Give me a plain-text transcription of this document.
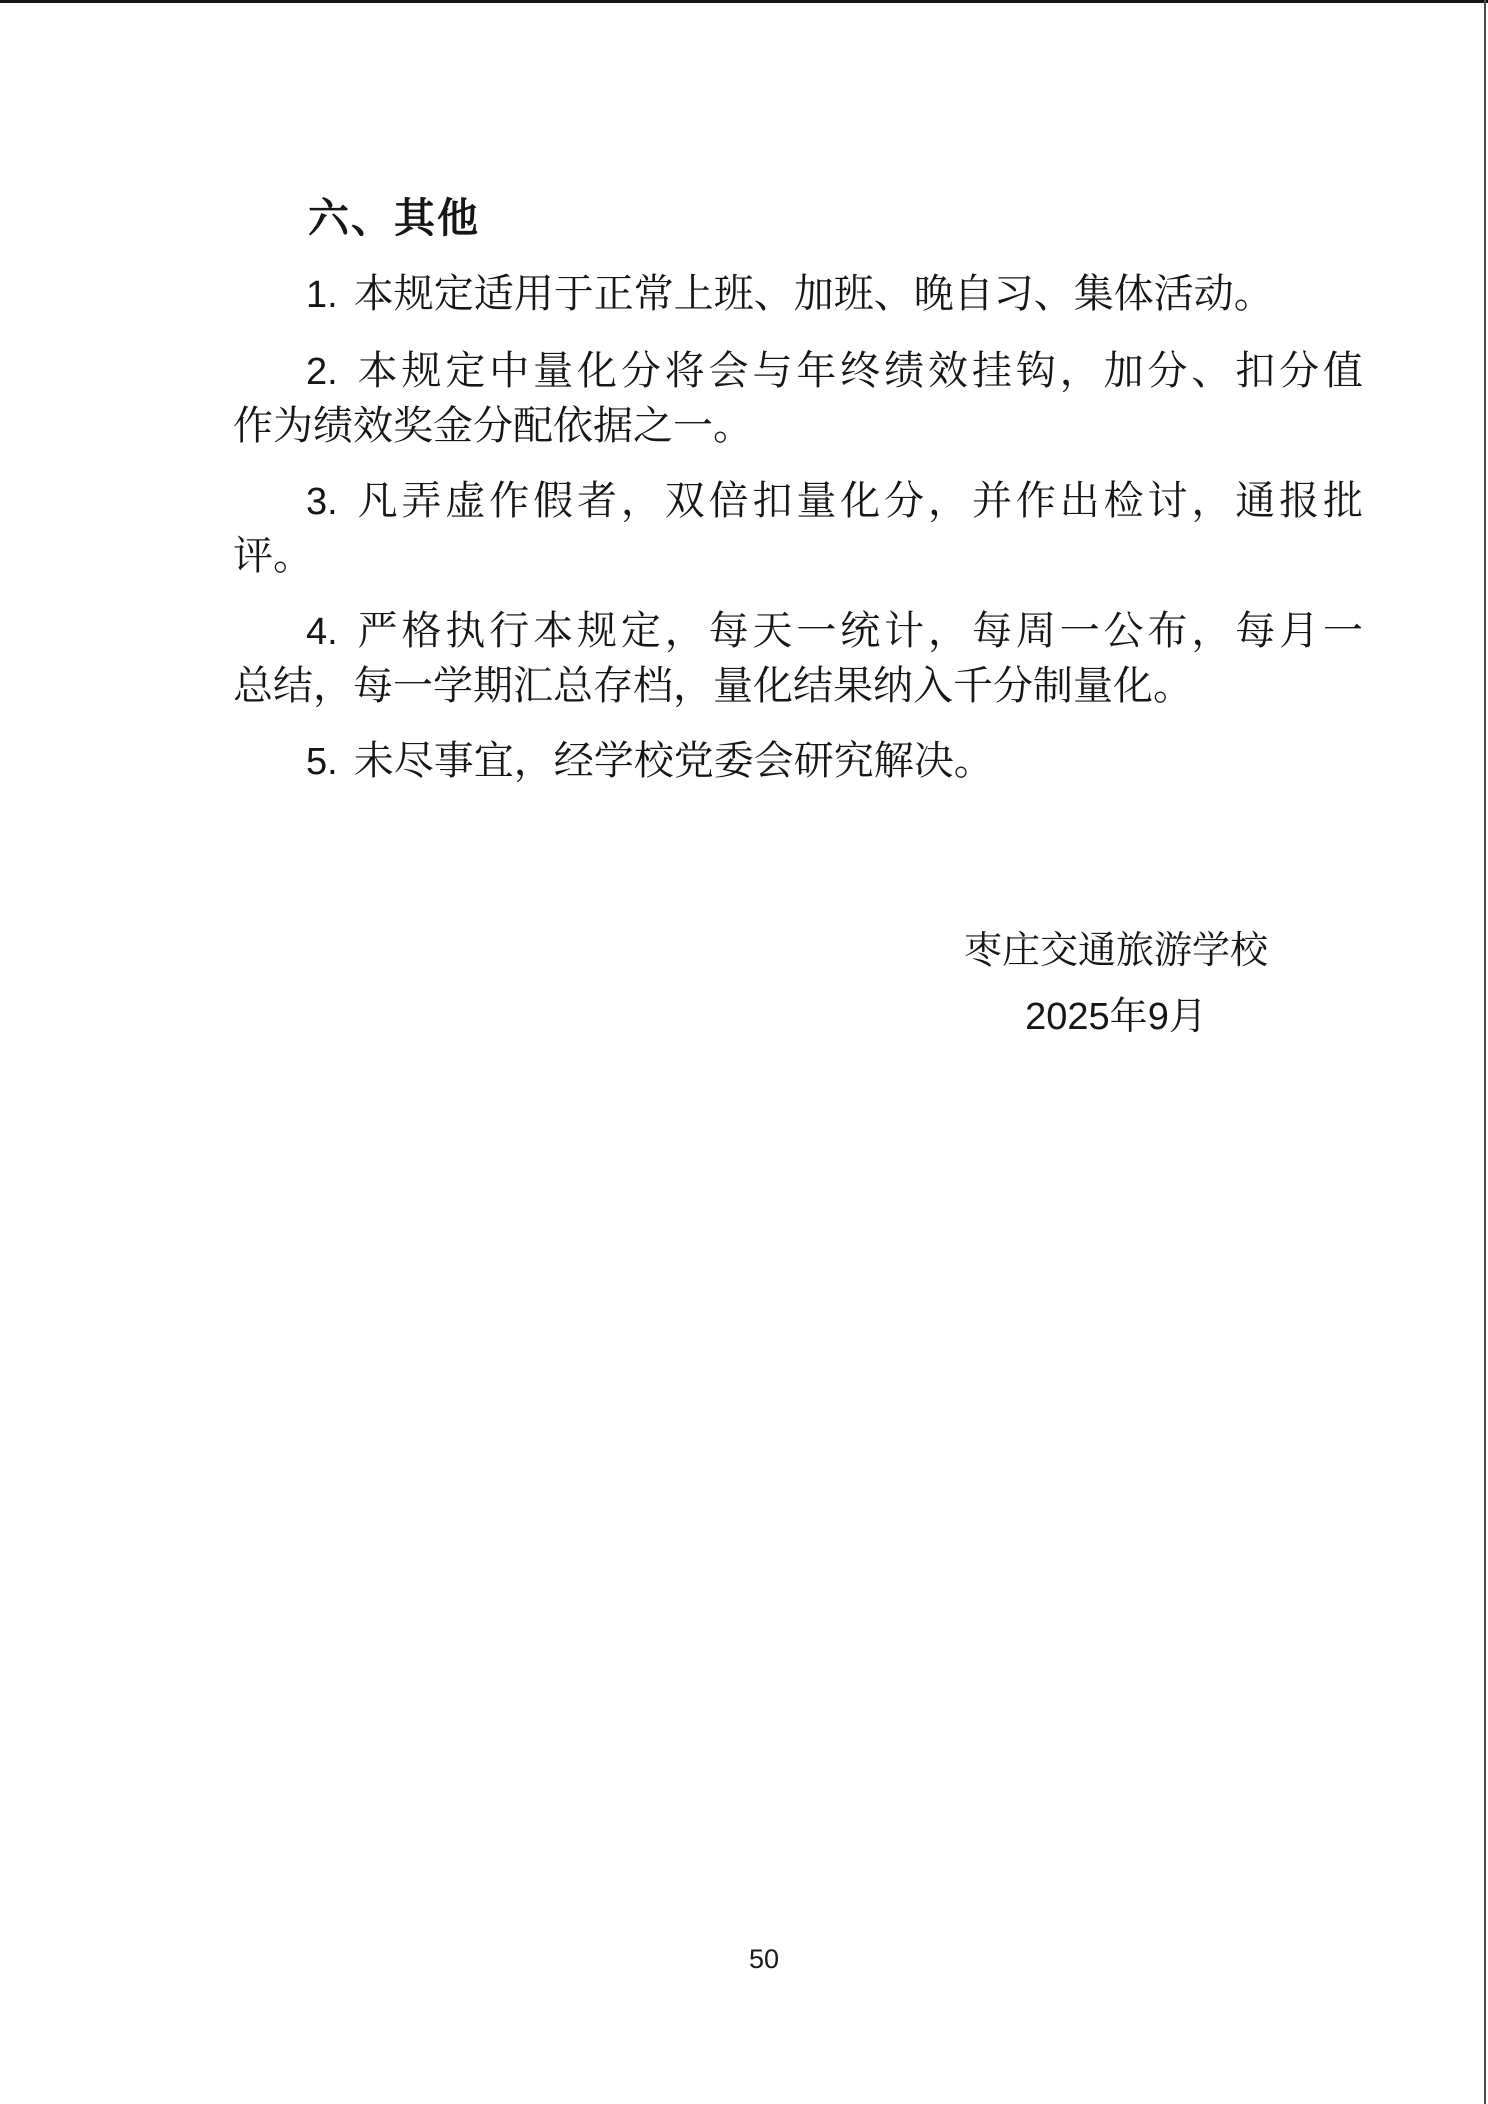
六、其他
1. 本规定适用于正常上班、加班、晚自习、集体活动。
2. 本规定中量化分将会与年终绩效挂钩，加分、扣分值
作为绩效奖金分配依据之一。
3. 凡弄虚作假者，双倍扣量化分，并作出检讨，通报批
评。
4. 严格执行本规定，每天一统计，每周一公布，每月一
总结，每一学期汇总存档，量化结果纳入千分制量化。
5. 未尽事宜，经学校党委会研究解决。
枣庄交通旅游学校
2025年9月
50
